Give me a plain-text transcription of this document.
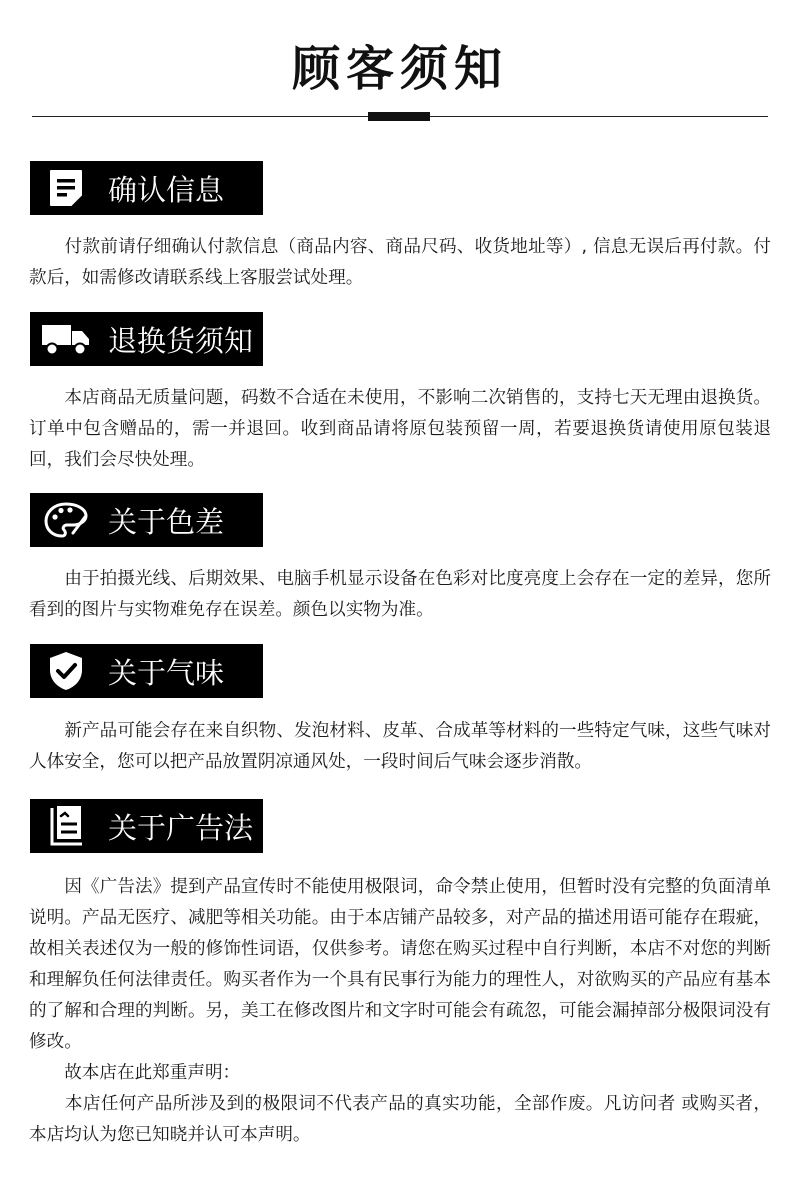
顾客须知
确认信息

　　付款前请仔细确认付款信息（商品内容、商品尺码、收货地址等）, 信息无误后再付款。付款后，如需修改请联系线上客服尝试处理。

退换货须知

　　本店商品无质量问题，码数不合适在未使用，不影响二次销售的，支持七天无理由退换货。订单中包含赠品的，需一并退回。收到商品请将原包装预留一周，若要退换货请使用原包装退回，我们会尽快处理。

关于色差

　　由于拍摄光线、后期效果、电脑手机显示设备在色彩对比度亮度上会存在一定的差异，您所看到的图片与实物难免存在误差。颜色以实物为准。

关于气味

　　新产品可能会存在来自织物、发泡材料、皮革、合成革等材料的一些特定气味，这些气味对人体安全，您可以把产品放置阴凉通风处，一段时间后气味会逐步消散。

关于广告法

　　因《广告法》提到产品宣传时不能使用极限词，命令禁止使用，但暂时没有完整的负面清单说明。产品无医疗、减肥等相关功能。由于本店铺产品较多，对产品的描述用语可能存在瑕疵，故相关表述仅为一般的修饰性词语，仅供参考。请您在购买过程中自行判断，本店不对您的判断和理解负任何法律责任。购买者作为一个具有民事行为能力的理性人，对欲购买的产品应有基本的了解和合理的判断。另，美工在修改图片和文字时可能会有疏忽，可能会漏掉部分极限词没有修改。

　　故本店在此郑重声明：

　　本店任何产品所涉及到的极限词不代表产品的真实功能，全部作废。凡访问者 或购买者，本店均认为您已知晓并认可本声明。
